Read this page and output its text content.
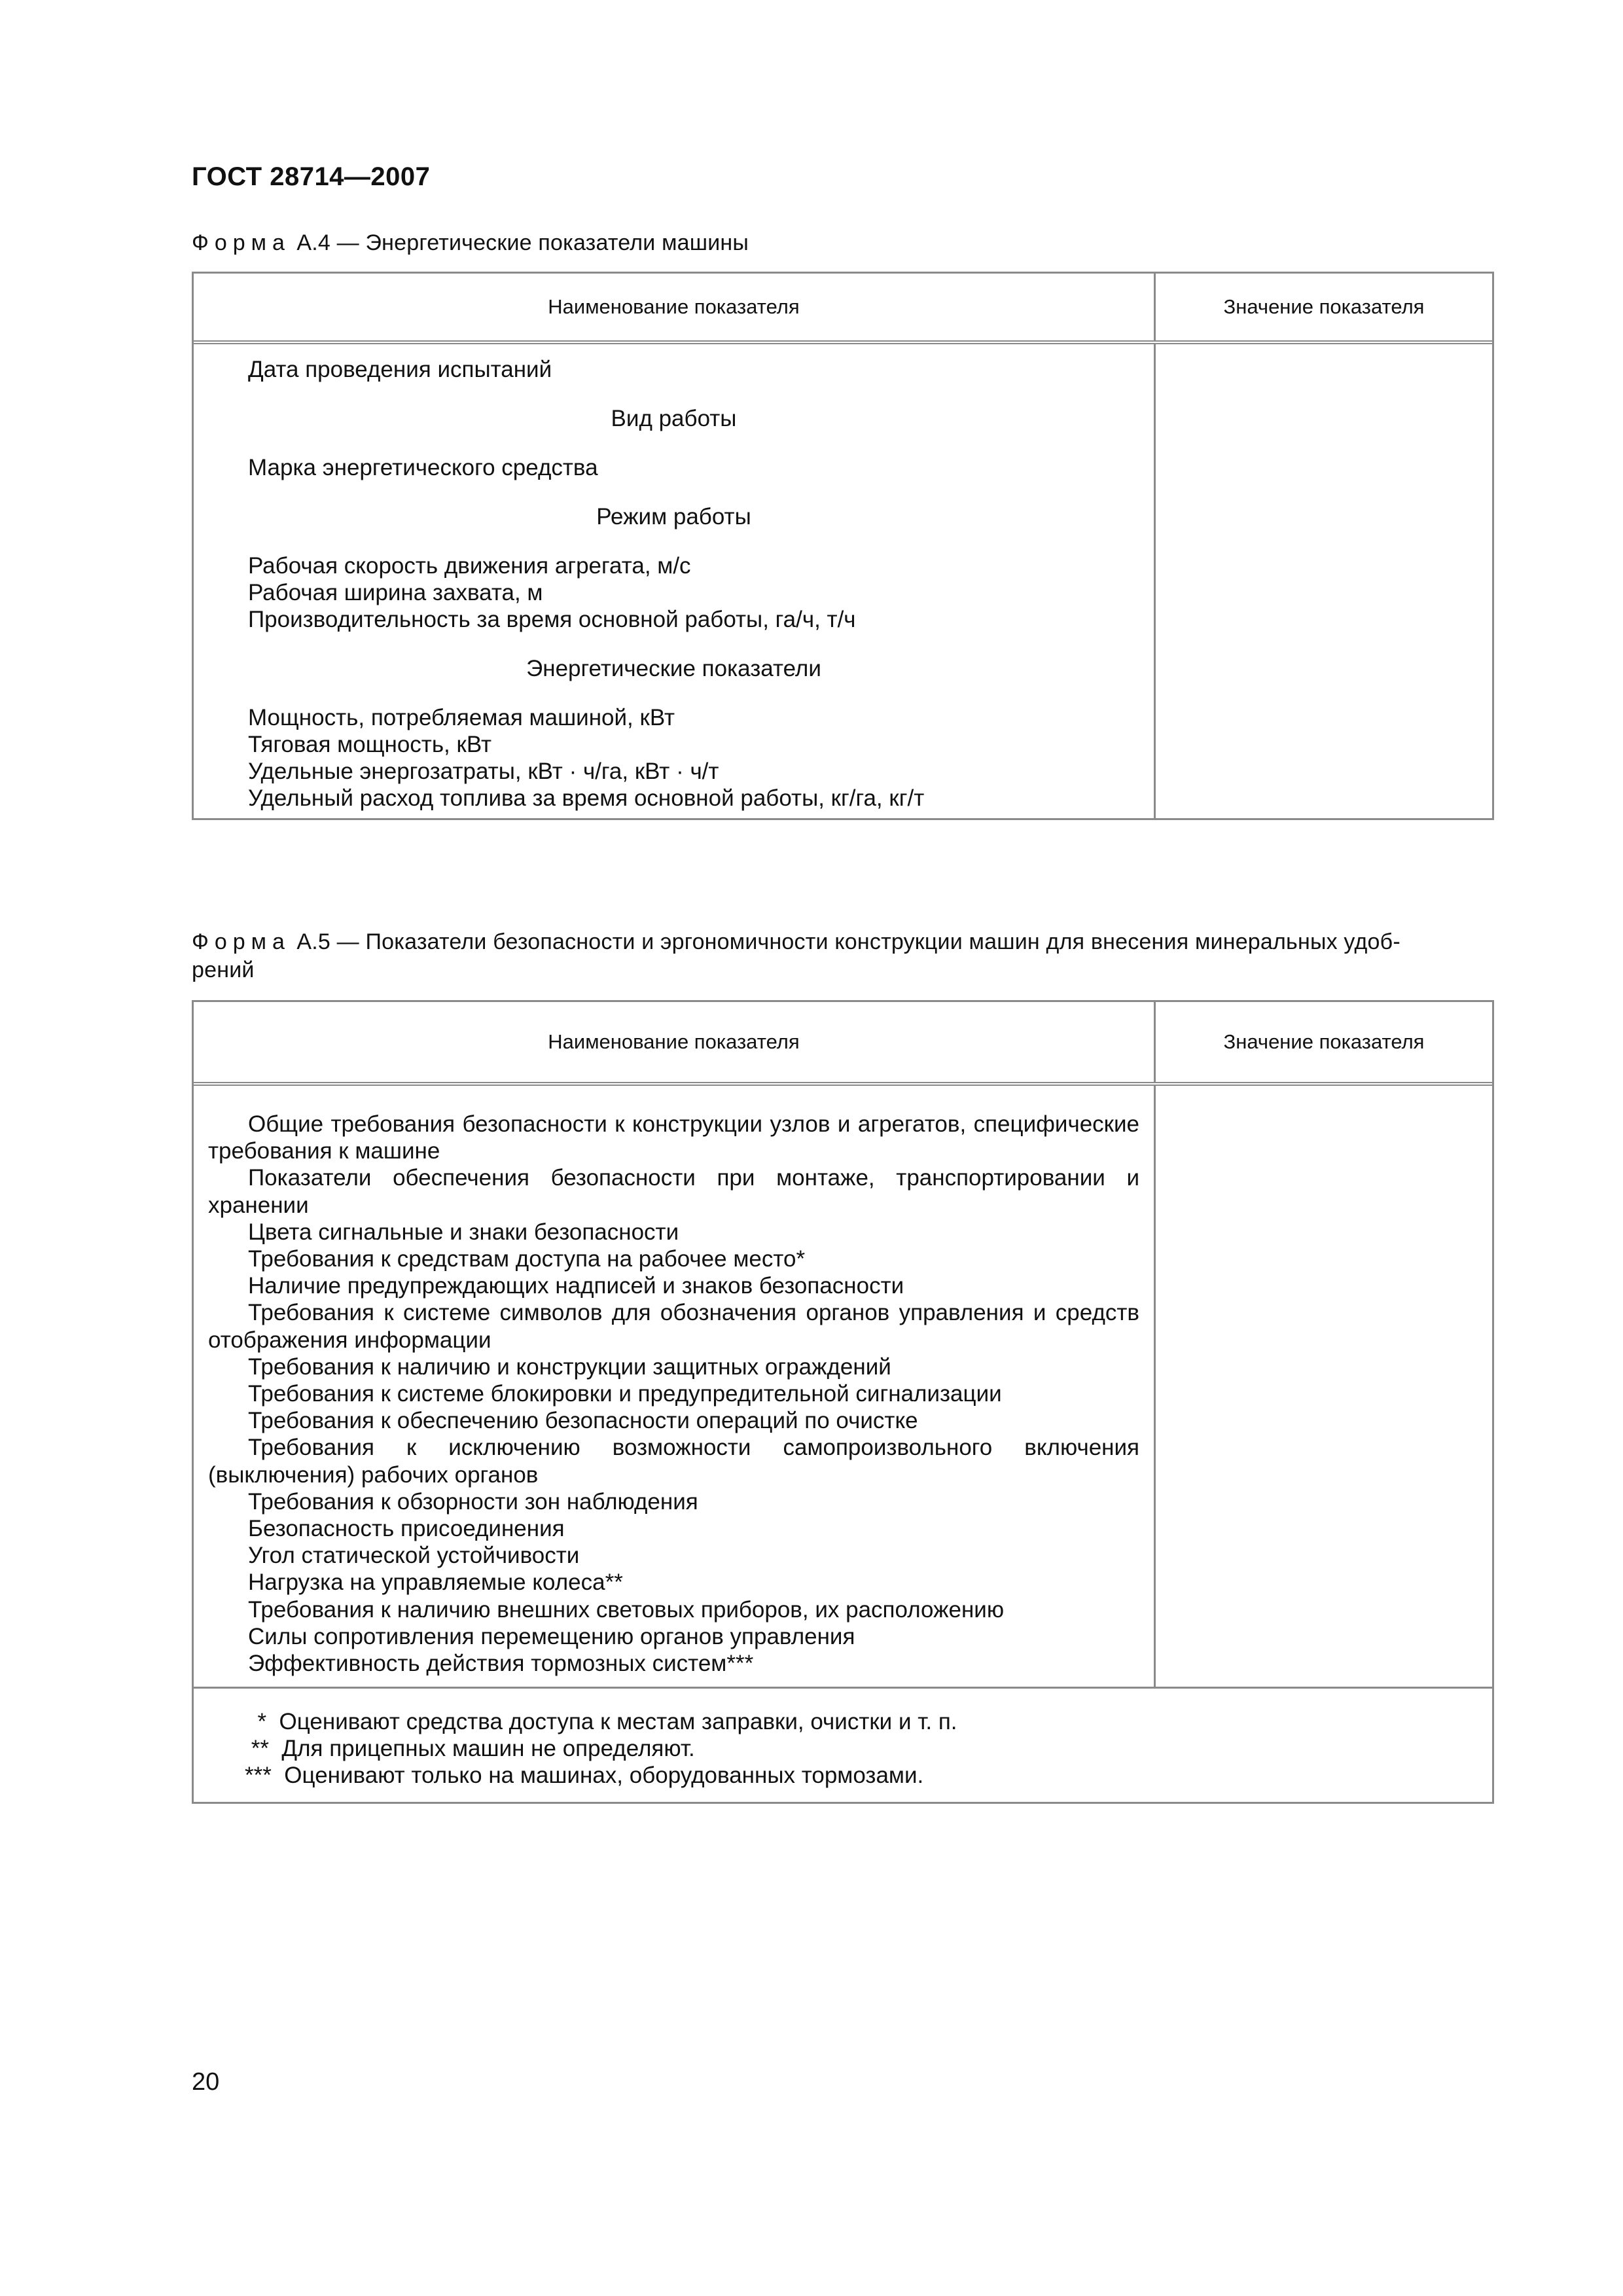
ГОСТ 28714—2007
Форма А.4 — Энергетические показатели машины
Наименование показателя	Значение показателя
Дата проведения испытаний
Вид работы
Марка энергетического средства
Режим работы
Рабочая скорость движения агрегата, м/с
Рабочая ширина захвата, м
Производительность за время основной работы, га/ч, т/ч
Энергетические показатели
Мощность, потребляемая машиной, кВт
Тяговая мощность, кВт
Удельные энергозатраты, кВт · ч/га, кВт · ч/т
Удельный расход топлива за время основной работы, кг/га, кг/т
Форма А.5 — Показатели безопасности и эргономичности конструкции машин для внесения минеральных удоб-
рений
Наименование показателя	Значение показателя
Общие требования безопасности к конструкции узлов и агрегатов, специфические требования к машине
Показатели обеспечения безопасности при монтаже, транспортировании и хранении
Цвета сигнальные и знаки безопасности
Требования к средствам доступа на рабочее место*
Наличие предупреждающих надписей и знаков безопасности
Требования к системе символов для обозначения органов управления и средств отображения информации
Требования к наличию и конструкции защитных ограждений
Требования к системе блокировки и предупредительной сигнализации
Требования к обеспечению безопасности операций по очистке
Требования к исключению возможности самопроизвольного включения (выключения) рабочих органов
Требования к обзорности зон наблюдения
Безопасность присоединения
Угол статической устойчивости
Нагрузка на управляемые колеса**
Требования к наличию внешних световых приборов, их расположению
Силы сопротивления перемещению органов управления
Эффективность действия тормозных систем***
*  Оценивают средства доступа к местам заправки, очистки и т. п.
**  Для прицепных машин не определяют.
***  Оценивают только на машинах, оборудованных тормозами.
20
